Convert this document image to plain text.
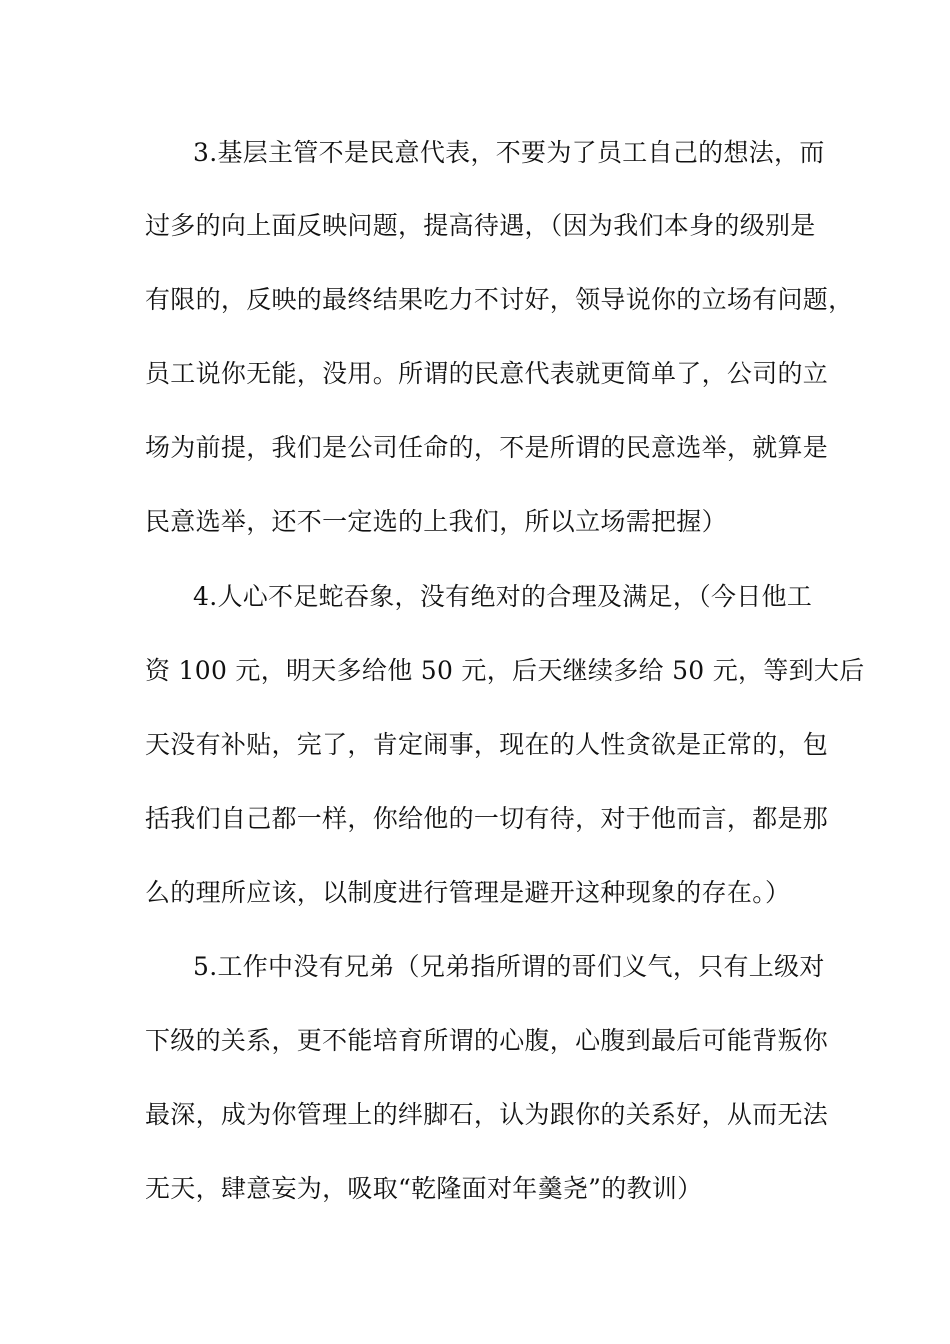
3.基层主管不是民意代表，不要为了员工自己的想法，而
过多的向上面反映问题，提高待遇，（因为我们本身的级别是
有限的，反映的最终结果吃力不讨好，领导说你的立场有问题，
员工说你无能，没用。所谓的民意代表就更简单了，公司的立
场为前提，我们是公司任命的，不是所谓的民意选举，就算是
民意选举，还不一定选的上我们，所以立场需把握）
4.人心不足蛇吞象，没有绝对的合理及满足，（今日他工
资 100 元，明天多给他 50 元，后天继续多给 50 元，等到大后
天没有补贴，完了，肯定闹事，现在的人性贪欲是正常的，包
括我们自己都一样，你给他的一切有待，对于他而言，都是那
么的理所应该，以制度进行管理是避开这种现象的存在。）
5.工作中没有兄弟（兄弟指所谓的哥们义气，只有上级对
下级的关系，更不能培育所谓的心腹，心腹到最后可能背叛你
最深，成为你管理上的绊脚石，认为跟你的关系好，从而无法
无天，肆意妄为，吸取“乾隆面对年羹尧”的教训）
